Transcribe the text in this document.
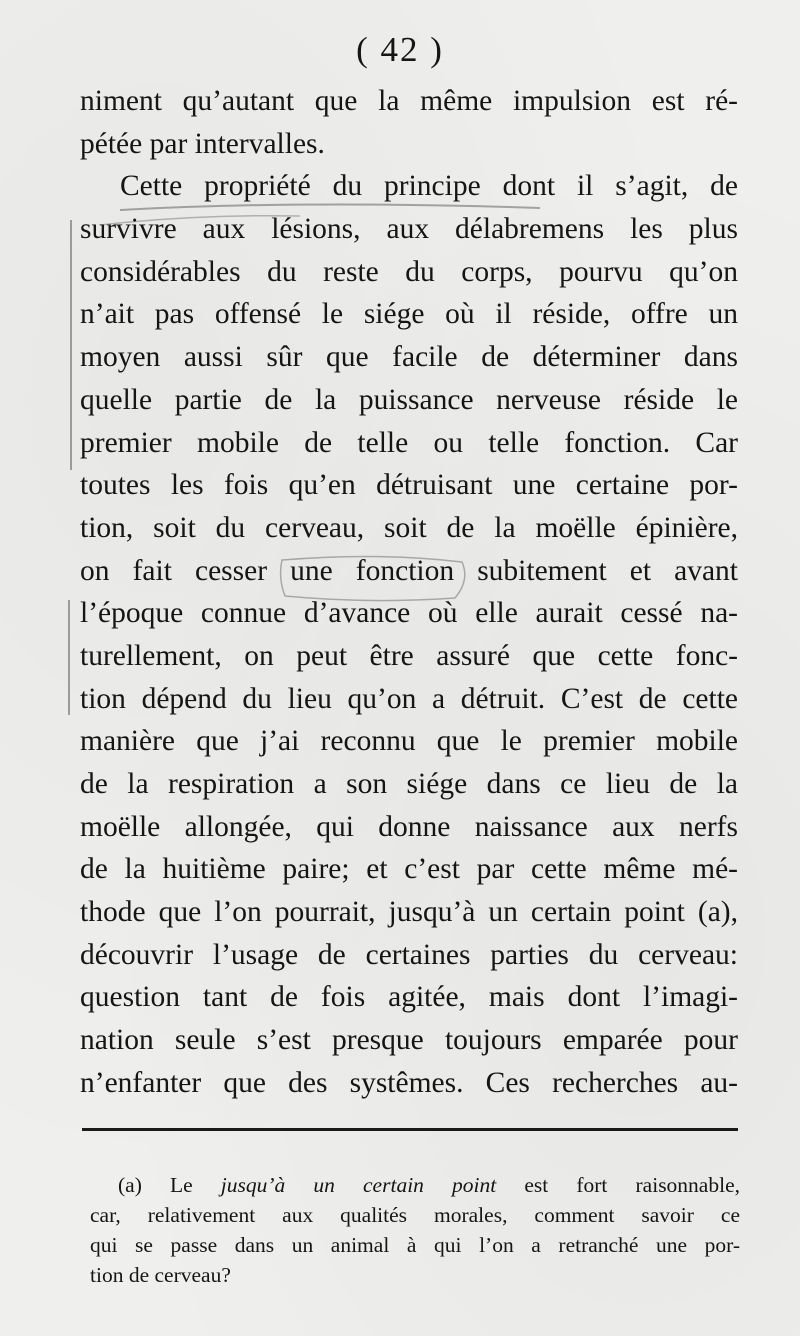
( 42 )
niment qu’autant que la même impulsion est ré-
pétée par intervalles.
Cette propriété du principe dont il s’agit, de
survivre aux lésions, aux délabremens les plus
considérables du reste du corps, pourvu qu’on
n’ait pas offensé le siége où il réside, offre un
moyen aussi sûr que facile de déterminer dans
quelle partie de la puissance nerveuse réside le
premier mobile de telle ou telle fonction. Car
toutes les fois qu’en détruisant une certaine por-
tion, soit du cerveau, soit de la moëlle épinière,
on fait cesser une fonction subitement et avant
l’époque connue d’avance où elle aurait cessé na-
turellement, on peut être assuré que cette fonc-
tion dépend du lieu qu’on a détruit. C’est de cette
manière que j’ai reconnu que le premier mobile
de la respiration a son siége dans ce lieu de la
moëlle allongée, qui donne naissance aux nerfs
de la huitième paire; et c’est par cette même mé-
thode que l’on pourrait, jusqu’à un certain point (a),
découvrir l’usage de certaines parties du cerveau:
question tant de fois agitée, mais dont l’imagi-
nation seule s’est presque toujours emparée pour
n’enfanter que des systêmes. Ces recherches au-
(a) Le jusqu’à un certain point est fort raisonnable,
car, relativement aux qualités morales, comment savoir ce
qui se passe dans un animal à qui l’on a retranché une por-
tion de cerveau?
